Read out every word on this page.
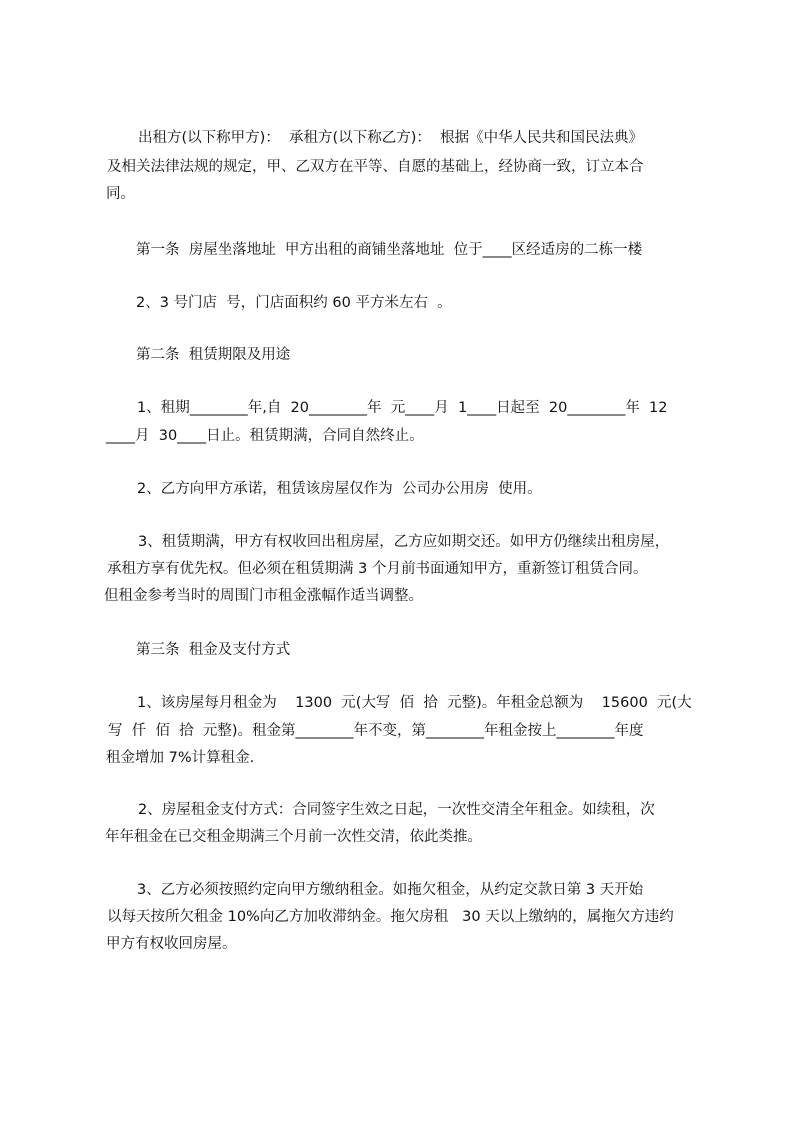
出租方(以下称甲方)：  承租方(以下称乙方)：  根据《中华人民共和国民法典》

及相关法律法规的规定，甲、乙双方在平等、自愿的基础上，经协商一致，订立本合

同。

第一条  房屋坐落地址  甲方出租的商铺坐落地址  位于____区经适房的二栋一楼

2、3 号门店  号，门店面积约 60 平方米左右  。

第二条  租赁期限及用途

1、租期________年,自  20________年  元____月  1____日起至  20________年  12

____月  30____日止。租赁期满，合同自然终止。

2、乙方向甲方承诺，租赁该房屋仅作为  公司办公用房  使用。

3、租赁期满，甲方有权收回出租房屋，乙方应如期交还。如甲方仍继续出租房屋，

承租方享有优先权。但必须在租赁期满 3 个月前书面通知甲方，重新签订租赁合同。

但租金参考当时的周围门市租金涨幅作适当调整。

第三条  租金及支付方式

1、该房屋每月租金为    1300  元(大写  佰  拾  元整)。年租金总额为    15600  元(大

写  仟  佰  拾  元整)。租金第________年不变，第________年租金按上________年度

租金增加 7%计算租金.

2、房屋租金支付方式：合同签字生效之日起，一次性交清全年租金。如续租，次

年年租金在已交租金期满三个月前一次性交清，依此类推。

3、乙方必须按照约定向甲方缴纳租金。如拖欠租金，从约定交款日第 3 天开始

以每天按所欠租金 10%向乙方加收滞纳金。拖欠房租   30 天以上缴纳的，属拖欠方违约

甲方有权收回房屋。
